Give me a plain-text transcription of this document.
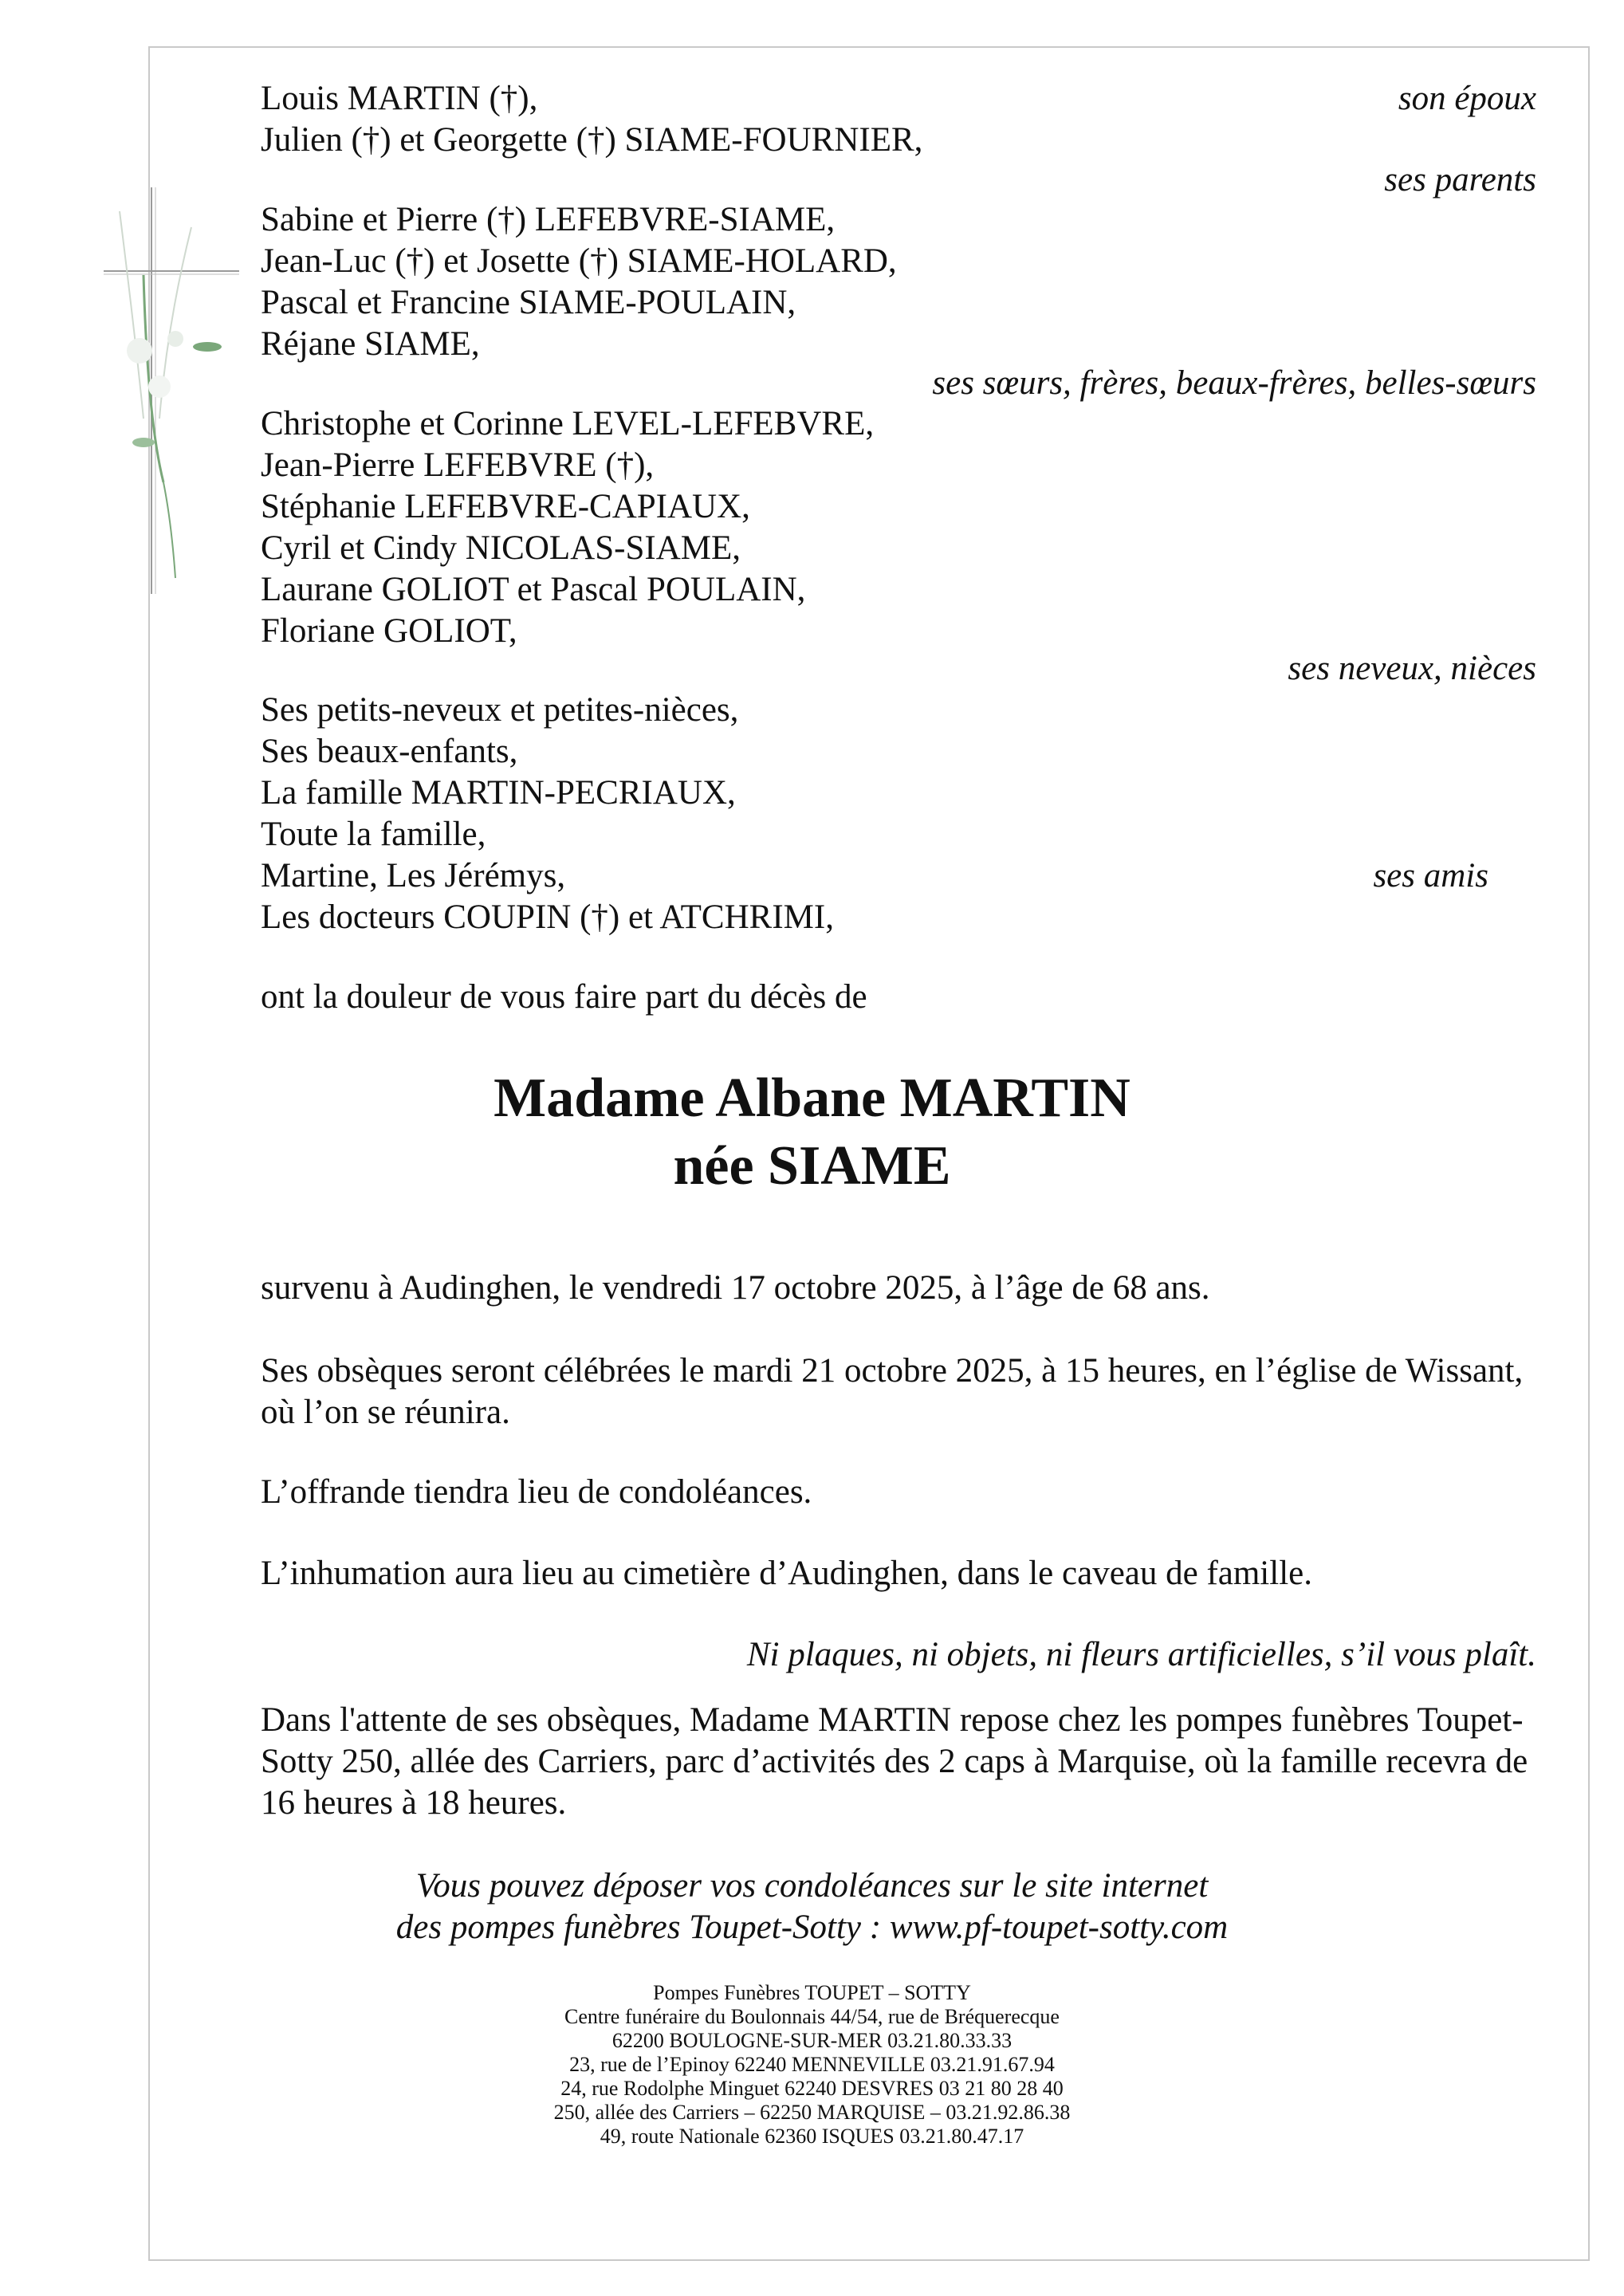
Louis MARTIN (†),
Julien (†) et Georgette (†) SIAME-FOURNIER,
son époux
ses parents
Sabine et Pierre (†) LEFEBVRE-SIAME,
Jean-Luc (†) et Josette (†) SIAME-HOLARD,
Pascal et Francine SIAME-POULAIN,
Réjane SIAME,
ses sœurs, frères, beaux-frères, belles-sœurs
Christophe et Corinne LEVEL-LEFEBVRE,
Jean-Pierre LEFEBVRE (†),
Stéphanie LEFEBVRE-CAPIAUX,
Cyril et Cindy NICOLAS-SIAME,
Laurane GOLIOT et Pascal POULAIN,
Floriane GOLIOT,
ses neveux, nièces
Ses petits-neveux et petites-nièces,
Ses beaux-enfants,
La famille MARTIN-PECRIAUX,
Toute la famille,
Martine, Les Jérémys,
Les docteurs COUPIN (†) et ATCHRIMI,
ses amis
ont la douleur de vous faire part du décès de
Madame Albane MARTIN
née SIAME
survenu à Audinghen, le vendredi 17 octobre 2025, à l’âge de 68 ans.
Ses obsèques seront célébrées le mardi 21 octobre 2025, à 15 heures, en l’église de Wissant, où l’on se réunira.
L’offrande tiendra lieu de condoléances.
L’inhumation aura lieu au cimetière d’Audinghen, dans le caveau de famille.
Ni plaques, ni objets, ni fleurs artificielles, s’il vous plaît.
Dans l'attente de ses obsèques, Madame MARTIN repose chez les pompes funèbres Toupet-Sotty 250, allée des Carriers, parc d’activités des 2 caps à Marquise, où la famille recevra de 16 heures à 18 heures.
Vous pouvez déposer vos condoléances sur le site internet
des pompes funèbres Toupet-Sotty : www.pf-toupet-sotty.com
Pompes Funèbres TOUPET – SOTTY
Centre funéraire du Boulonnais 44/54, rue de Bréquerecque
62200 BOULOGNE-SUR-MER 03.21.80.33.33
23, rue de l’Epinoy 62240 MENNEVILLE 03.21.91.67.94
24, rue Rodolphe Minguet 62240 DESVRES 03 21 80 28 40
250, allée des Carriers – 62250 MARQUISE – 03.21.92.86.38
49, route Nationale 62360 ISQUES 03.21.80.47.17
